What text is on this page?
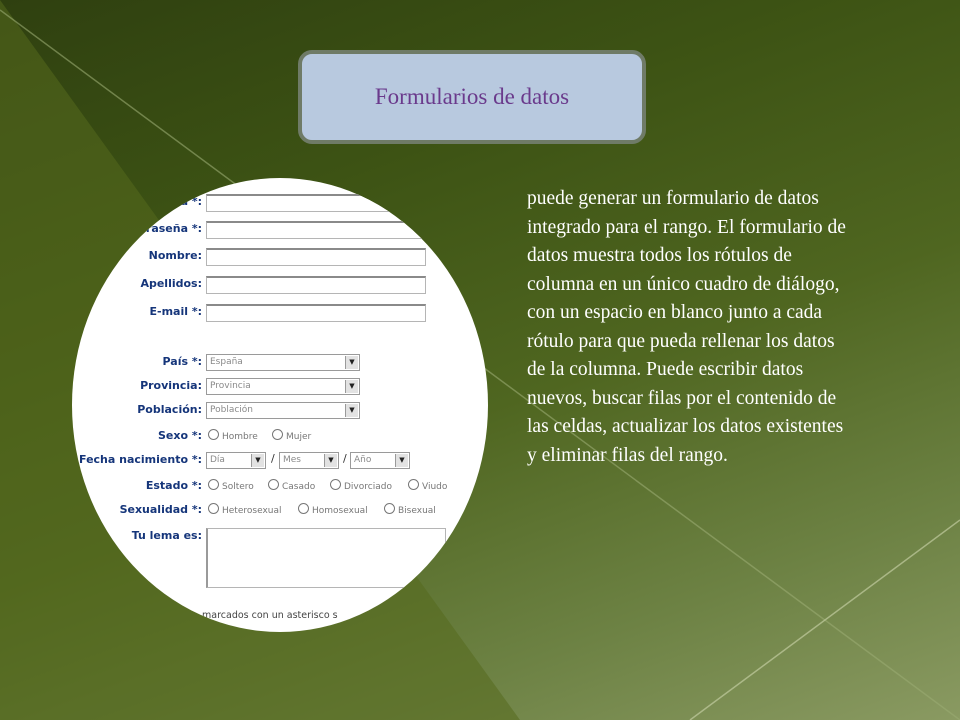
Formularios de datos
traseña *:
contraseña *:
Nombre:
Apellidos:
E-mail *:
País *: España	▼
Provincia: Provincia	▼
Población: Población	▼
Sexo *:	Hombre	Mujer
Fecha nacimiento *: Día	▼ / Mes	▼ / Año	▼
Estado *:	Soltero	Casado	Divorciado	Viudo
Sexualidad *:	Heterosexual	Homosexual	Bisexual
Tu lema es:
marcados con un asterisco s
puede generar un formulario de datos integrado para el rango. El formulario de datos muestra todos los rótulos de columna en un único cuadro de diálogo, con un espacio en blanco junto a cada rótulo para que pueda rellenar los datos de la columna. Puede escribir datos nuevos, buscar filas por el contenido de las celdas, actualizar los datos existentes y eliminar filas del rango.
